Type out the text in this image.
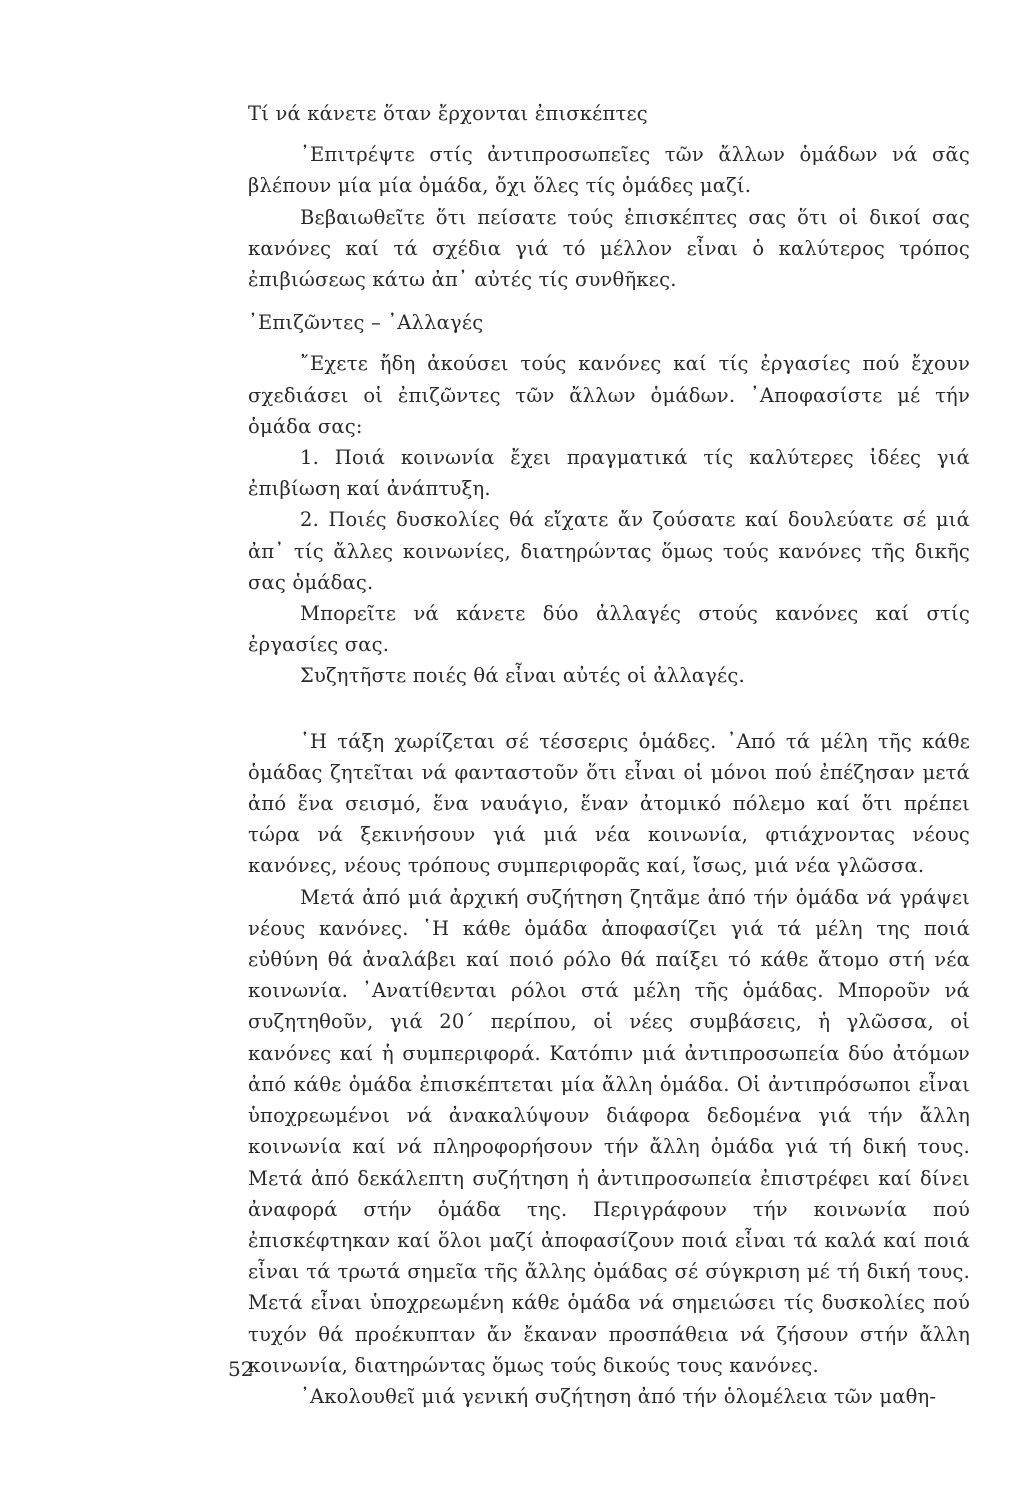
Τί νά κάνετε ὅταν ἔρχονται ἐπισκέπτες

᾿Επιτρέψτε στίς ἀντιπροσωπεῖες τῶν ἄλλων ὁμάδων νά σᾶς βλέπουν μία μία ὁμάδα, ὄχι ὅλες τίς ὁμάδες μαζί.

Βεβαιωθεῖτε ὅτι πείσατε τούς ἐπισκέπτες σας ὅτι οἱ δικοί σας κανόνες καί τά σχέδια γιά τό μέλλον εἶναι ὁ καλύτερος τρόπος ἐπιβιώσεως κάτω ἀπ᾿ αὐτές τίς συνθῆκες.

᾿Επιζῶντες – ᾿Αλλαγές

῎Εχετε ἤδη ἀκούσει τούς κανόνες καί τίς ἐργασίες πού ἔχουν σχεδιάσει οἱ ἐπιζῶντες τῶν ἄλλων ὁμάδων. ᾿Αποφασίστε μέ τήν ὁμάδα σας:

1. Ποιά κοινωνία ἔχει πραγματικά τίς καλύτερες ἰδέες γιά ἐπιβίωση καί ἀνάπτυξη.

2. Ποιές δυσκολίες θά εἴχατε ἄν ζούσατε καί δουλεύατε σέ μιά ἀπ᾿ τίς ἄλλες κοινωνίες, διατηρώντας ὅμως τούς κανόνες τῆς δικῆς σας ὁμάδας.

Μπορεῖτε νά κάνετε δύο ἀλλαγές στούς κανόνες καί στίς ἐργασίες σας.

Συζητῆστε ποιές θά εἶναι αὐτές οἱ ἀλλαγές.

῾Η τάξη χωρίζεται σέ τέσσερις ὁμάδες. ᾿Από τά μέλη τῆς κάθε ὁμάδας ζητεῖται νά φανταστοῦν ὅτι εἶναι οἱ μόνοι πού ἐπέζησαν μετά ἀπό ἕνα σεισμό, ἕνα ναυάγιο, ἕναν ἀτομικό πόλεμο καί ὅτι πρέπει τώρα νά ξεκινήσουν γιά μιά νέα κοινωνία, φτιάχνοντας νέους κανόνες, νέους τρόπους συμπεριφορᾶς καί, ἴσως, μιά νέα γλῶσσα.

Μετά ἀπό μιά ἀρχική συζήτηση ζητᾶμε ἀπό τήν ὁμάδα νά γράψει νέους κανόνες. ῾Η κάθε ὁμάδα ἀποφασίζει γιά τά μέλη της ποιά εὐθύνη θά ἀναλάβει καί ποιό ρόλο θά παίξει τό κάθε ἄτομο στή νέα κοινωνία. ᾿Ανατίθενται ρόλοι στά μέλη τῆς ὁμάδας. Μποροῦν νά συζητηθοῦν, γιά 20΄ περίπου, οἱ νέες συμβάσεις, ἡ γλῶσσα, οἱ κανόνες καί ἡ συμπεριφορά. Κατόπιν μιά ἀντιπροσωπεία δύο ἀτόμων ἀπό κάθε ὁμάδα ἐπισκέπτεται μία ἄλλη ὁμάδα. Οἱ ἀντιπρόσωποι εἶναι ὑποχρεωμένοι νά ἀνακαλύψουν διάφορα δεδομένα γιά τήν ἄλλη κοινωνία καί νά πληροφορήσουν τήν ἄλλη ὁμάδα γιά τή δική τους. Μετά ἀπό δεκάλεπτη συζήτηση ἡ ἀντιπροσωπεία ἐπιστρέφει καί δίνει ἀναφορά στήν ὁμάδα της. Περιγράφουν τήν κοινωνία πού ἐπισκέφτηκαν καί ὅλοι μαζί ἀποφασίζουν ποιά εἶναι τά καλά καί ποιά εἶναι τά τρωτά σημεῖα τῆς ἄλλης ὁμάδας σέ σύγκριση μέ τή δική τους. Μετά εἶναι ὑποχρεωμένη κάθε ὁμάδα νά σημειώσει τίς δυσκολίες πού τυχόν θά προέκυπταν ἄν ἔκαναν προσπάθεια νά ζήσουν στήν ἄλλη κοινωνία, διατηρώντας ὅμως τούς δικούς τους κανόνες.

᾿Ακολουθεῖ μιά γενική συζήτηση ἀπό τήν ὁλομέλεια τῶν μαθη-

52
